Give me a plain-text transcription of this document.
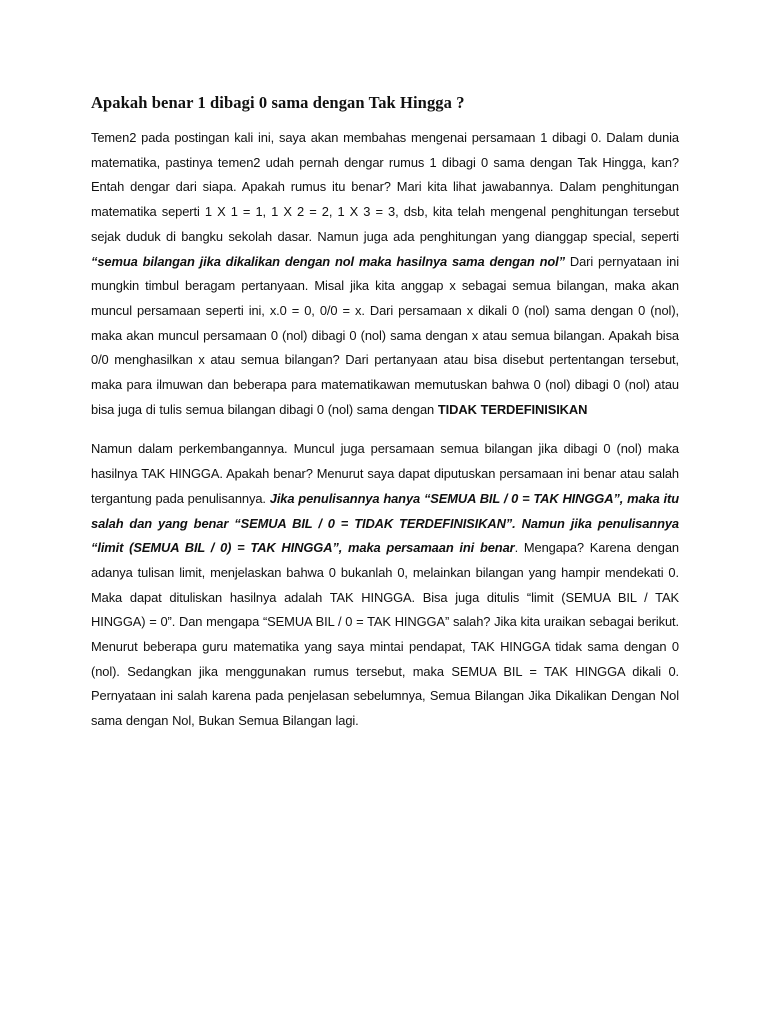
Apakah benar 1 dibagi 0 sama dengan Tak Hingga ?

Temen2 pada postingan kali ini, saya akan membahas mengenai persamaan 1 dibagi 0. Dalam dunia matematika, pastinya temen2 udah pernah dengar rumus 1 dibagi 0 sama dengan Tak Hingga, kan? Entah dengar dari siapa. Apakah rumus itu benar? Mari kita lihat jawabannya. Dalam penghitungan matematika seperti 1 X 1 = 1, 1 X 2 = 2, 1 X 3 = 3, dsb, kita telah mengenal penghitungan tersebut sejak duduk di bangku sekolah dasar. Namun juga ada penghitungan yang dianggap special, seperti “semua bilangan jika dikalikan dengan nol maka hasilnya sama dengan nol” Dari pernyataan ini mungkin timbul beragam pertanyaan. Misal jika kita anggap x sebagai semua bilangan, maka akan muncul persamaan seperti ini, x.0 = 0, 0/0 = x. Dari persamaan x dikali 0 (nol) sama dengan 0 (nol), maka akan muncul persamaan 0 (nol) dibagi 0 (nol) sama dengan x atau semua bilangan. Apakah bisa 0/0 menghasilkan x atau semua bilangan? Dari pertanyaan atau bisa disebut pertentangan tersebut, maka para ilmuwan dan beberapa para matematikawan memutuskan bahwa 0 (nol) dibagi 0 (nol) atau bisa juga di tulis semua bilangan dibagi 0 (nol) sama dengan TIDAK TERDEFINISIKAN

Namun dalam perkembangannya. Muncul juga persamaan semua bilangan jika dibagi 0 (nol) maka hasilnya TAK HINGGA. Apakah benar? Menurut saya dapat diputuskan persamaan ini benar atau salah tergantung pada penulisannya. Jika penulisannya hanya “SEMUA BIL / 0 = TAK HINGGA”, maka itu salah dan yang benar “SEMUA BIL / 0 = TIDAK TERDEFINISIKAN”. Namun jika penulisannya “limit (SEMUA BIL / 0) = TAK HINGGA”, maka persamaan ini benar. Mengapa? Karena dengan adanya tulisan limit, menjelaskan bahwa 0 bukanlah 0, melainkan bilangan yang hampir mendekati 0. Maka dapat dituliskan hasilnya adalah TAK HINGGA. Bisa juga ditulis “limit (SEMUA BIL / TAK HINGGA) = 0”. Dan mengapa “SEMUA BIL / 0 = TAK HINGGA” salah? Jika kita uraikan sebagai berikut. Menurut beberapa guru matematika yang saya mintai pendapat, TAK HINGGA tidak sama dengan 0 (nol). Sedangkan jika menggunakan rumus tersebut, maka SEMUA BIL = TAK HINGGA dikali 0. Pernyataan ini salah karena pada penjelasan sebelumnya, Semua Bilangan Jika Dikalikan Dengan Nol sama dengan Nol, Bukan Semua Bilangan lagi.
